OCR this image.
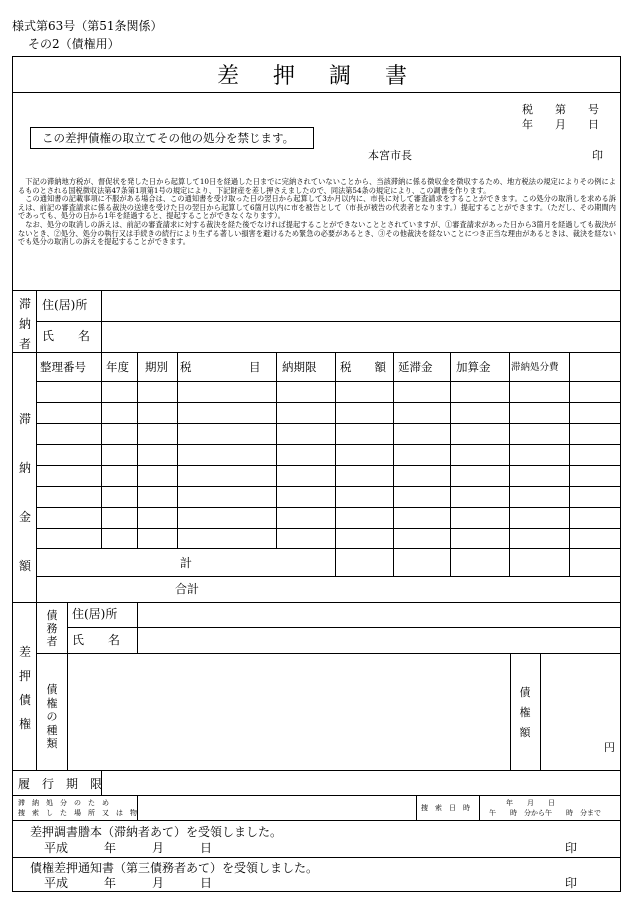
様式第63号（第51条関係）
その2（債権用）
差　押　調　書
税　　第　　号
年　　月　　日
この差押債権の取立てその他の処分を禁じます。
本宮市長	印

　下記の滞納地方税が、督促状を発した日から起算して10日を経過した日までに完納されていないことから、当該滞納に係る徴収金を徴収するため、地方税法の規定によりその例によるものとされる国税徴収法第47条第1項第1号の規定により、下記財産を差し押さえましたので、同法第54条の規定により、この調書を作ります。

　この通知書の記載事項に不服がある場合は、この通知書を受け取った日の翌日から起算して3か月以内に、市長に対して審査請求をすることができます。この処分の取消しを求める訴えは、前記の審査請求に係る裁決の送達を受けた日の翌日から起算して6箇月以内に市を被告として（市長が被告の代表者となります。）提起することができます。（ただし、その期間内であっても、処分の日から1年を経過すると、提起することができなくなります）。

　なお、処分の取消しの訴えは、前記の審査請求に対する裁決を経た後でなければ提起することができないこととされていますが、①審査請求があった日から3箇月を経過しても裁決がないとき、②処分、処分の執行又は手続きの続行により生ずる著しい損害を避けるため緊急の必要があるとき、③その他裁決を経ないことにつき正当な理由があるときは、裁決を経ないでも処分の取消しの訴えを提起することができます。

滞納者
住(居)所
氏　　名
滞納金額
整理番号 年度 期別 税　　　　　目 納期限 税　　額 延滞金 加算金 滞納処分費
計
合計
差押債権
債務者
住(居)所
氏　　名
債権の種類
債権額
円
履　行　期　限
滞　納　処　分　の　た　め
捜　索　し　た　場　所　又　は　物
捜　索　日　時
年　　月　　日
午　　時　分から午　　時　分まで
差押調書謄本（滞納者あて）を受領しました。
平成　　　年　　　月　　　日	印
債権差押通知書（第三債務者あて）を受領しました。
平成　　　年　　　月　　　日	印
